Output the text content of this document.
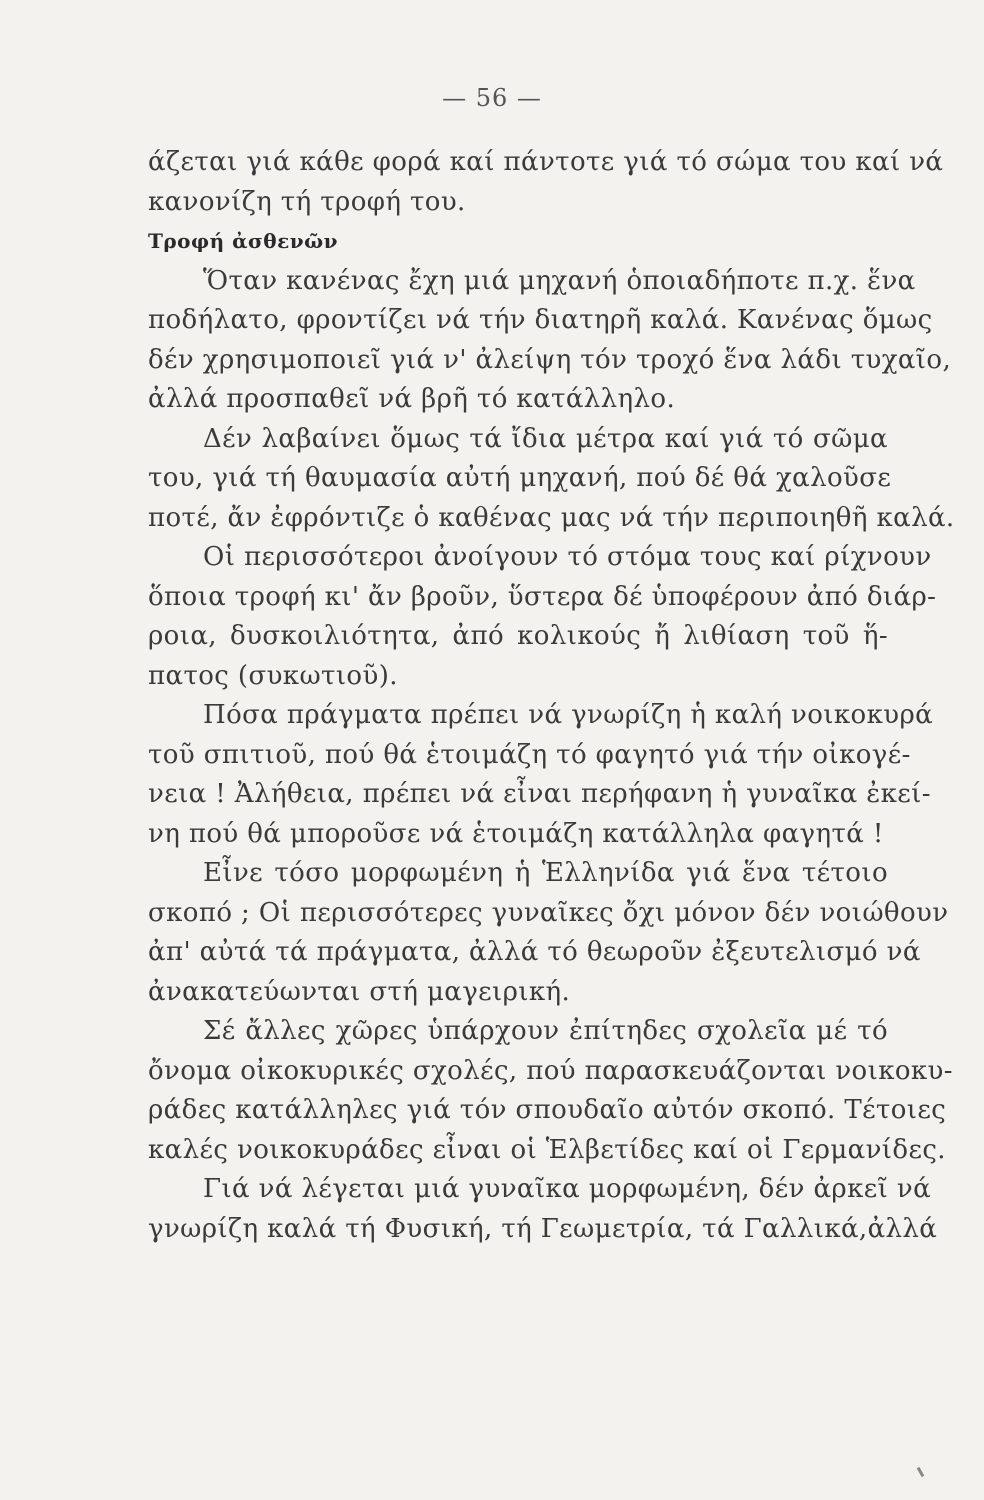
— 56 —
άζεται γιά κάθε φορά καί πάντοτε γιά τό σώμα του καί νά
κανονίζη τή τροφή του.
Τροφή ἀσθενῶν
Ὅταν κανένας ἔχη μιά μηχανή ὁποιαδήποτε π.χ. ἕνα
ποδήλατο, φροντίζει νά τήν διατηρῆ καλά. Κανένας ὅμως
δέν χρησιμοποιεῖ γιά ν' ἀλείψη τόν τροχό ἕνα λάδι τυχαῖο,
ἀλλά προσπαθεῖ νά βρῆ τό κατάλληλο.
Δέν λαβαίνει ὅμως τά ἴδια μέτρα καί γιά τό σῶμα
του, γιά τή θαυμασία αὐτή μηχανή, πού δέ θά χαλοῦσε
ποτέ, ἄν ἐφρόντιζε ὁ καθένας μας νά τήν περιποιηθῆ καλά.
Οἱ περισσότεροι ἀνοίγουν τό στόμα τους καί ρίχνουν
ὅποια τροφή κι' ἄν βροῦν, ὕστερα δέ ὑποφέρουν ἀπό διάρ-
ροια, δυσκοιλιότητα, ἀπό κολικούς ἤ λιθίαση τοῦ ἥ-
πατος (συκωτιοῦ).
Πόσα πράγματα πρέπει νά γνωρίζη ἡ καλή νοικοκυρά
τοῦ σπιτιοῦ, πού θά ἑτοιμάζη τό φαγητό γιά τήν οἰκογέ-
νεια ! Ἀλήθεια, πρέπει νά εἶναι περήφανη ἡ γυναῖκα ἐκεί-
νη πού θά μποροῦσε νά ἑτοιμάζη κατάλληλα φαγητά !
Εἶνε τόσο μορφωμένη ἡ Ἑλληνίδα γιά ἕνα τέτοιο
σκοπό ; Οἱ περισσότερες γυναῖκες ὄχι μόνον δέν νοιώθουν
ἀπ' αὐτά τά πράγματα, ἀλλά τό θεωροῦν ἐξευτελισμό νά
ἀνακατεύωνται στή μαγειρική.
Σέ ἄλλες χῶρες ὑπάρχουν ἐπίτηδες σχολεῖα μέ τό
ὄνομα οἰκοκυρικές σχολές, πού παρασκευάζονται νοικοκυ-
ράδες κατάλληλες γιά τόν σπουδαῖο αὐτόν σκοπό. Τέτοιες
καλές νοικοκυράδες εἶναι οἱ Ἑλβετίδες καί οἱ Γερμανίδες.
Γιά νά λέγεται μιά γυναῖκα μορφωμένη, δέν ἀρκεῖ νά
γνωρίζη καλά τή Φυσική, τή Γεωμετρία, τά Γαλλικά,ἀλλά
